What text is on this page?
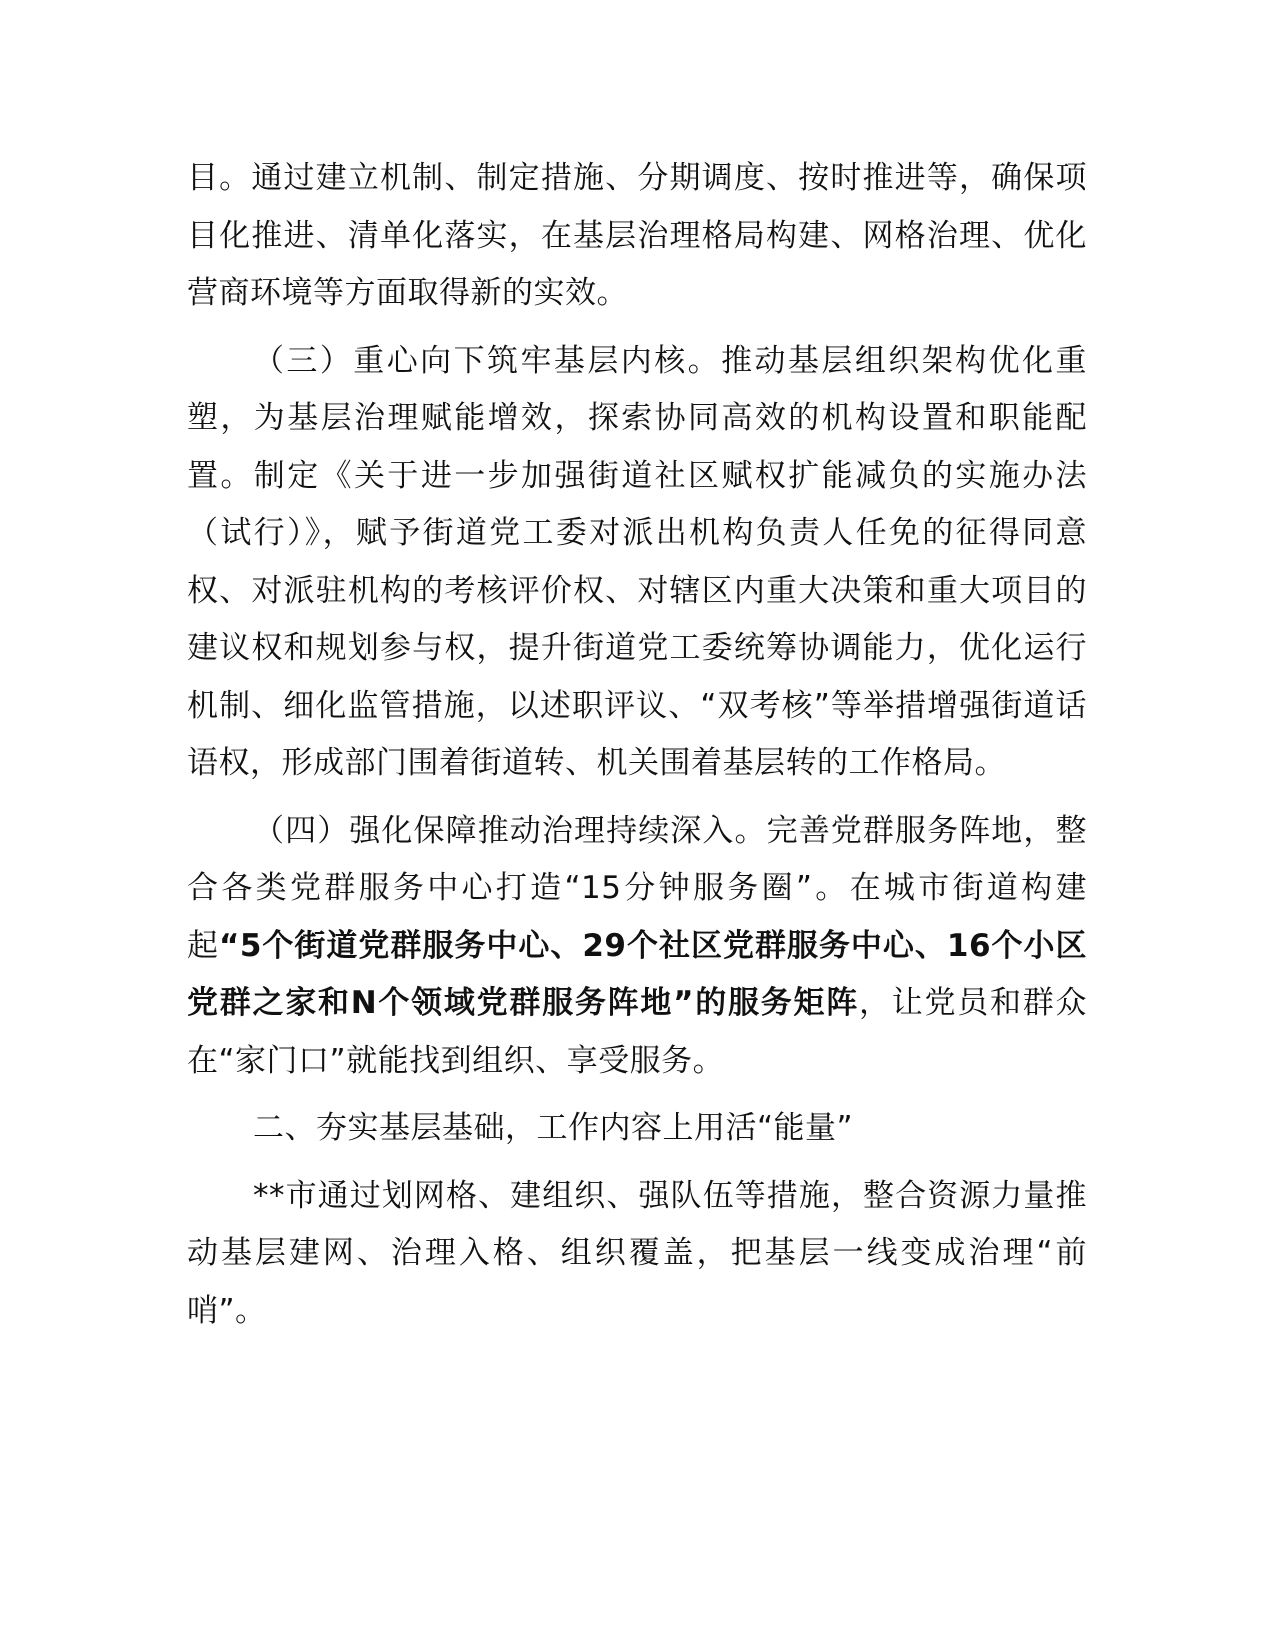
目。通过建立机制、制定措施、分期调度、按时推进等，确保项目化推进、清单化落实，在基层治理格局构建、网格治理、优化营商环境等方面取得新的实效。

（三）重心向下筑牢基层内核。推动基层组织架构优化重塑，为基层治理赋能增效，探索协同高效的机构设置和职能配置。制定《关于进一步加强街道社区赋权扩能减负的实施办法（试行）》，赋予街道党工委对派出机构负责人任免的征得同意权、对派驻机构的考核评价权、对辖区内重大决策和重大项目的建议权和规划参与权，提升街道党工委统筹协调能力，优化运行机制、细化监管措施，以述职评议、“双考核”等举措增强街道话语权，形成部门围着街道转、机关围着基层转的工作格局。

（四）强化保障推动治理持续深入。完善党群服务阵地，整合各类党群服务中心打造“15分钟服务圈”。在城市街道构建起“5个街道党群服务中心、29个社区党群服务中心、16个小区党群之家和N个领域党群服务阵地”的服务矩阵，让党员和群众在“家门口”就能找到组织、享受服务。

二、夯实基层基础，工作内容上用活“能量”

**市通过划网格、建组织、强队伍等措施，整合资源力量推动基层建网、治理入格、组织覆盖，把基层一线变成治理“前哨”。
